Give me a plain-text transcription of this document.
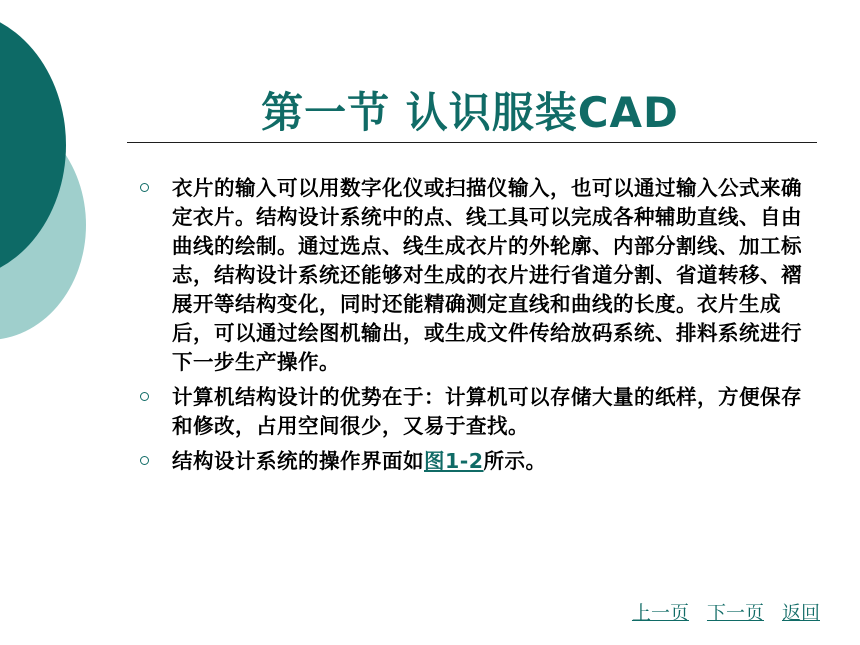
第一节 认识服装CAD
衣片的输入可以用数字化仪或扫描仪输入，也可以通过输入公式来确定衣片。结构设计系统中的点、线工具可以完成各种辅助直线、自由曲线的绘制。通过选点、线生成衣片的外轮廓、内部分割线、加工标志，结构设计系统还能够对生成的衣片进行省道分割、省道转移、褶展开等结构变化，同时还能精确测定直线和曲线的长度。衣片生成后，可以通过绘图机输出，或生成文件传给放码系统、排料系统进行下一步生产操作。
计算机结构设计的优势在于：计算机可以存储大量的纸样，方便保存和修改，占用空间很少，又易于查找。
结构设计系统的操作界面如图1-2所示。
上一页 下一页 返回
